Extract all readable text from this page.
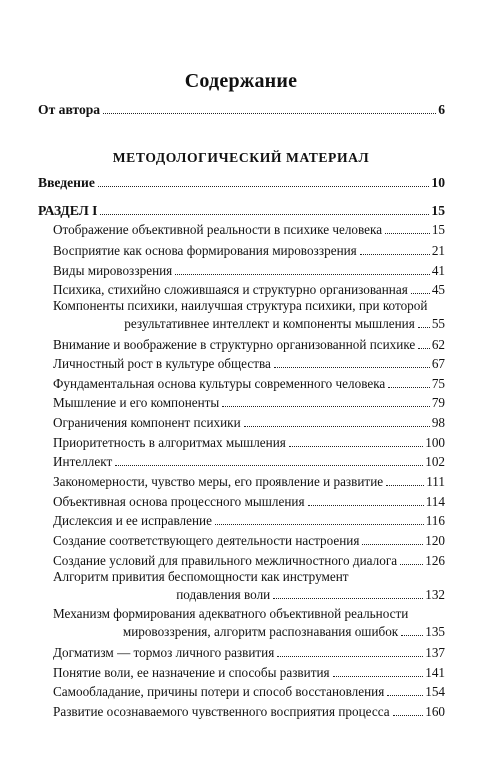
Содержание
От автора	6
МЕТОДОЛОГИЧЕСКИЙ МАТЕРИАЛ
Введение	10
РАЗДЕЛ I	15
Отображение объективной реальности в психике человека	15
Восприятие как основа формирования мировоззрения	21
Виды мировоззрения	41
Психика, стихийно сложившаяся и структурно организованная 45
Компоненты психики, наилучшая структура психики, при которой
результативнее интеллект и компоненты мышления 55
Внимание и воображение в структурно организованной психике 62
Личностный рост в культуре общества	67
Фундаментальная основа культуры современного человека	75
Мышление и его компоненты	79
Ограничения компонент психики	98
Приоритетность в алгоритмах мышления	100
Интеллект	102
Закономерности, чувство меры, его проявление и развитие	111
Объективная основа процессного мышления	114
Дислексия и ее исправление	116
Создание соответствующего деятельности настроения	120
Создание условий для правильного межличностного диалога 126
Алгоритм привития беспомощности как инструмент
подавления воли	132
Механизм формирования адекватного объективной реальности
мировоззрения, алгоритм распознавания ошибок 135
Догматизм — тормоз личного развития	137
Понятие воли, ее назначение и способы развития	141
Самообладание, причины потери и способ восстановления	154
Развитие осознаваемого чувственного восприятия процесса	160
